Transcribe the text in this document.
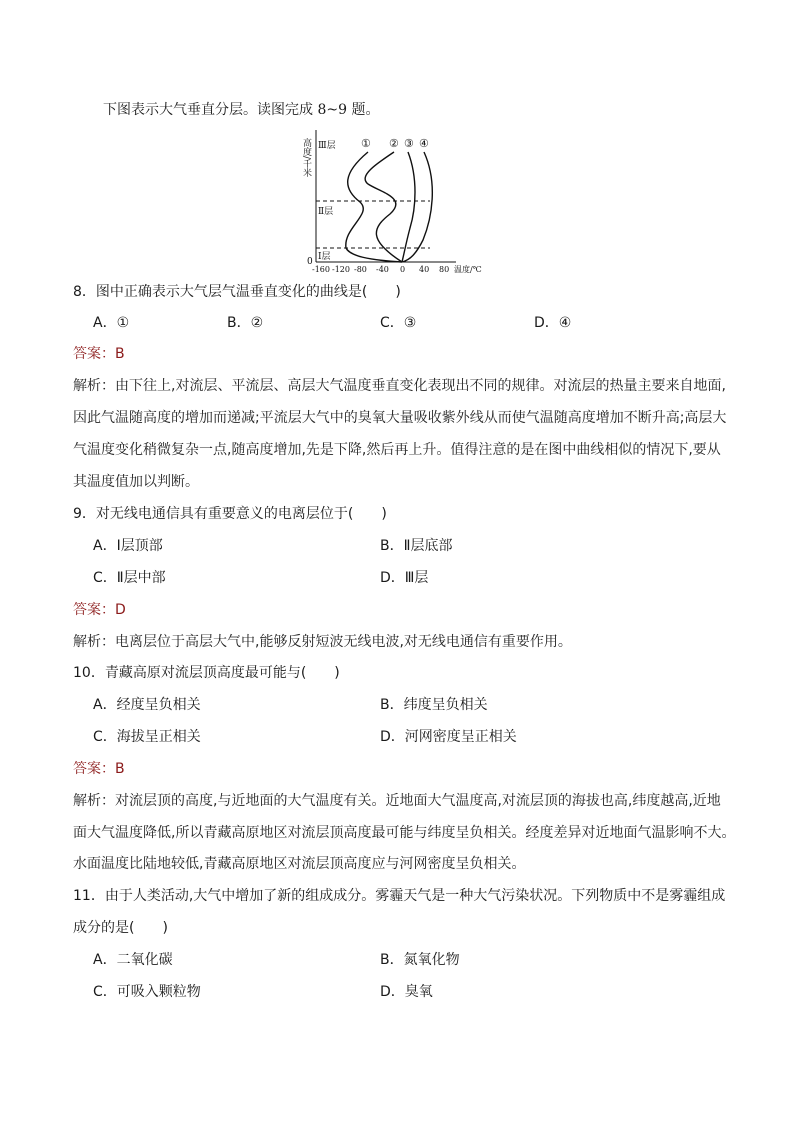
下图表示大气垂直分层。读图完成 8~9 题。
高度/千米 Ⅲ层
Ⅱ层
Ⅰ层
① ② ③ ④
0
-160 -120 -80 -40 0 40 80 温度/℃
8．图中正确表示大气层气温垂直变化的曲线是(　　)
A．①	B．②	C．③	D．④
答案：B
解析：由下往上,对流层、平流层、高层大气温度垂直变化表现出不同的规律。对流层的热量主要来自地面,
因此气温随高度的增加而递减;平流层大气中的臭氧大量吸收紫外线从而使气温随高度增加不断升高;高层大
气温度变化稍微复杂一点,随高度增加,先是下降,然后再上升。值得注意的是在图中曲线相似的情况下,要从
其温度值加以判断。
9．对无线电通信具有重要意义的电离层位于(　　)
A．Ⅰ层顶部	B．Ⅱ层底部
C．Ⅱ层中部	D．Ⅲ层
答案：D
解析：电离层位于高层大气中,能够反射短波无线电波,对无线电通信有重要作用。
10．青藏高原对流层顶高度最可能与(　　)
A．经度呈负相关	B．纬度呈负相关
C．海拔呈正相关	D．河网密度呈正相关
答案：B
解析：对流层顶的高度,与近地面的大气温度有关。近地面大气温度高,对流层顶的海拔也高,纬度越高,近地
面大气温度降低,所以青藏高原地区对流层顶高度最可能与纬度呈负相关。经度差异对近地面气温影响不大。
水面温度比陆地较低,青藏高原地区对流层顶高度应与河网密度呈负相关。
11．由于人类活动,大气中增加了新的组成成分。雾霾天气是一种大气污染状况。下列物质中不是雾霾组成
成分的是(　　)
A．二氧化碳	B．氮氧化物
C．可吸入颗粒物	D．臭氧
